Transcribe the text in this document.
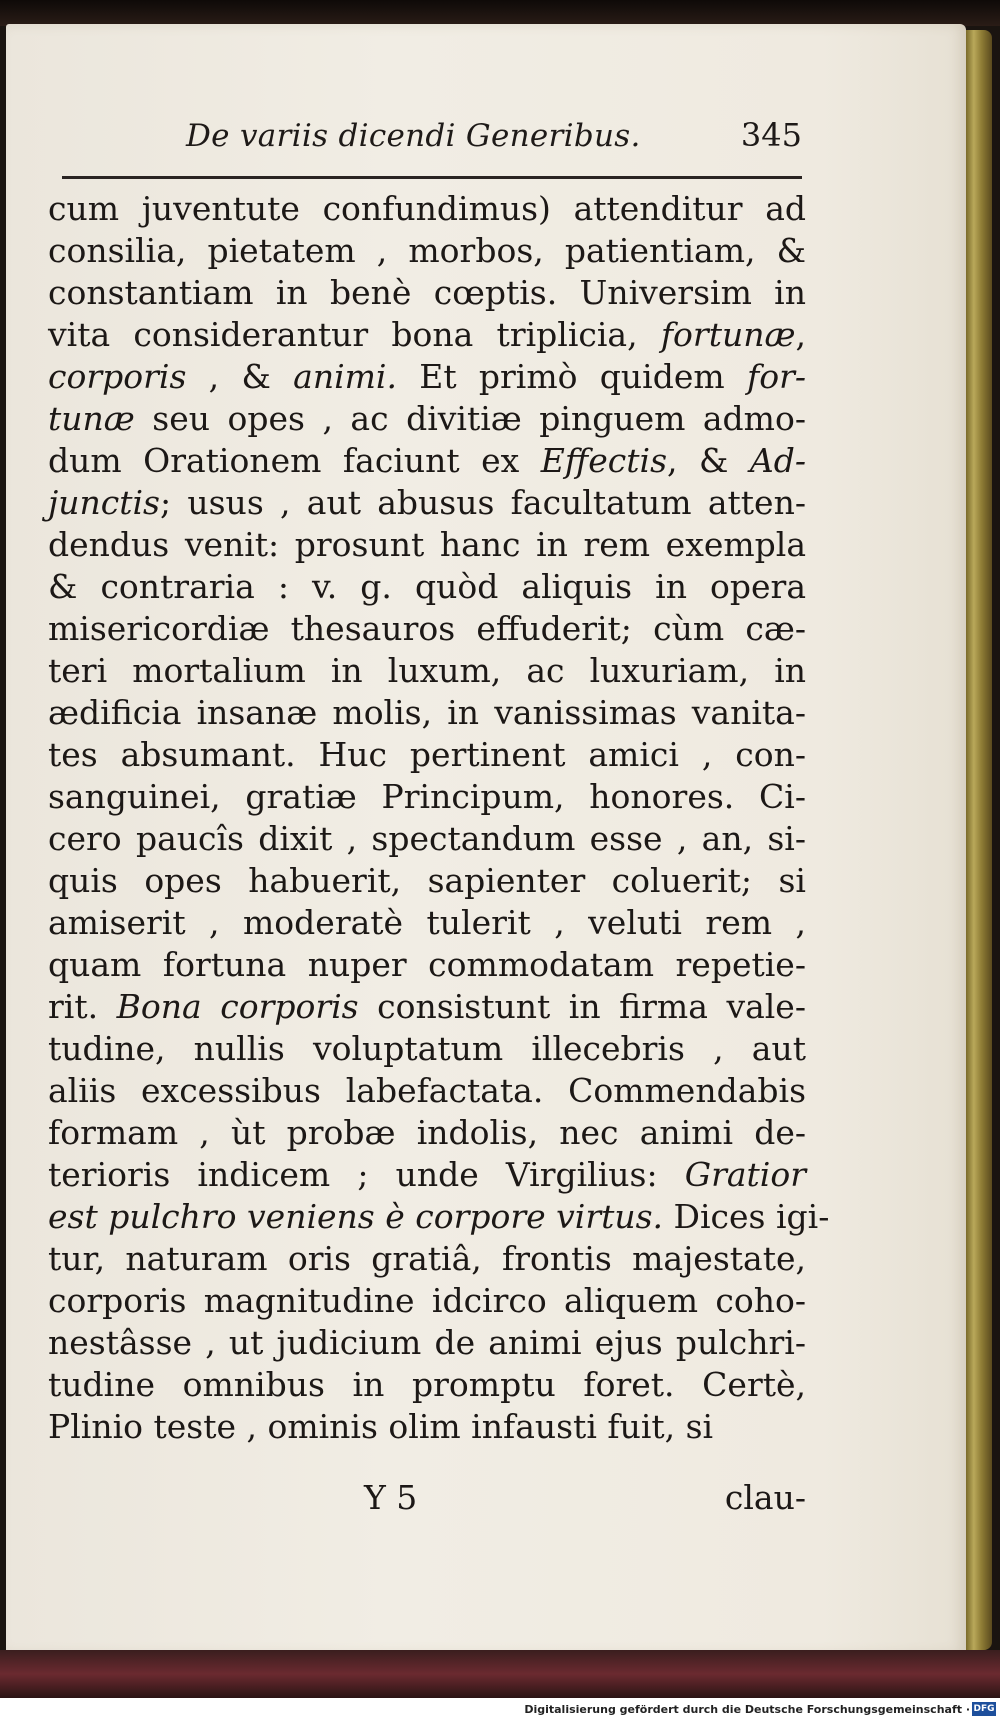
De variis dicendi Generibus.	345
cum juventute confundimus) attenditur ad
consilia, pietatem , morbos, patientiam, &
constantiam in benè cœptis. Universim in
vita considerantur bona triplicia, fortunæ,
corporis , & animi. Et primò quidem for-
tunæ seu opes , ac divitiæ pinguem admo-
dum Orationem faciunt ex Effectis, & Ad-
junctis; usus , aut abusus facultatum atten-
dendus venit: prosunt hanc in rem exempla
& contraria : v. g. quòd aliquis in opera
misericordiæ thesauros effuderit; cùm cæ-
teri mortalium in luxum, ac luxuriam, in
ædificia insanæ molis, in vanissimas vanita-
tes absumant. Huc pertinent amici , con-
sanguinei, gratiæ Principum, honores. Ci-
cero paucîs dixit , spectandum esse , an, si-
quis opes habuerit, sapienter coluerit; si
amiserit , moderatè tulerit , veluti rem ,
quam fortuna nuper commodatam repetie-
rit. Bona corporis consistunt in firma vale-
tudine, nullis voluptatum illecebris , aut
aliis excessibus labefactata. Commendabis
formam , ùt probæ indolis, nec animi de-
terioris indicem ; unde Virgilius: Gratior
est pulchro veniens è corpore virtus. Dices igi-
tur, naturam oris gratiâ, frontis majestate,
corporis magnitudine idcirco aliquem coho-
nestâsse , ut judicium de animi ejus pulchri-
tudine omnibus in promptu foret. Certè,
Plinio teste , ominis olim infausti fuit, si
Y 5	clau-
Digitalisierung gefördert durch die Deutsche Forschungsgemeinschaft · DFG
